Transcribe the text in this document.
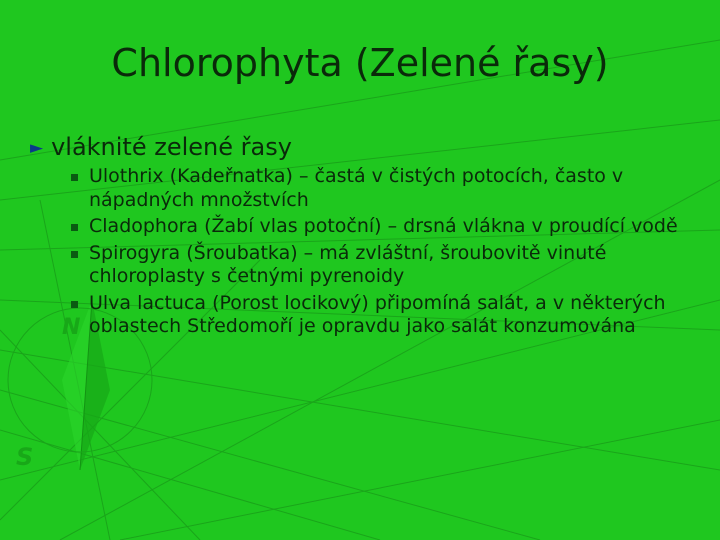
N
S
Chlorophyta (Zelené řasy)
► vláknité zelené řasy
Ulothrix (Kadeřnatka) – častá v čistých potocích, často v nápadných množstvích
Cladophora (Žabí vlas potoční) – drsná vlákna v proudící vodě
Spirogyra (Šroubatka) – má zvláštní, šroubovitě vinuté chloroplasty s četnými pyrenoidy
Ulva lactuca (Porost locikový) připomíná salát, a v některých oblastech Středomoří je opravdu jako salát konzumována
